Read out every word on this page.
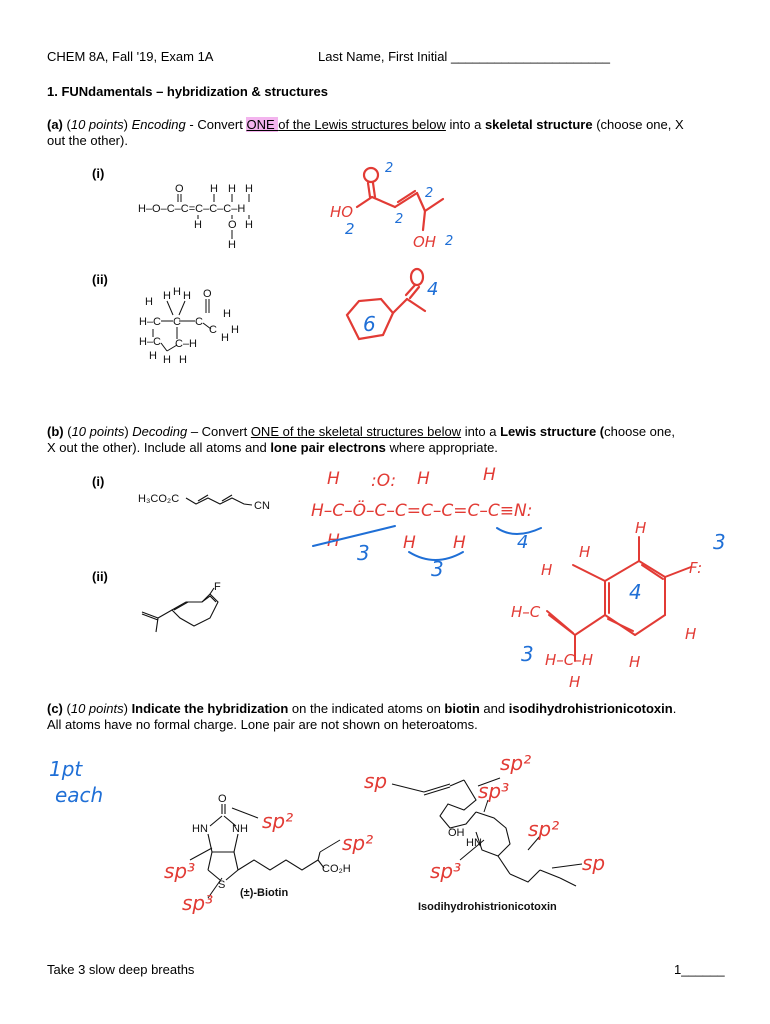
CHEM 8A, Fall '19, Exam 1A	Last Name, First Initial ______________________
1. FUNdamentals – hybridization & structures
(a) (10 points) Encoding - Convert ONE of the Lewis structures below into a skeletal structure (choose one, X
out the other).
(i)
(ii)
H–O–C–C=C–C–C–H
O H H H
H O H
H
HO
OH
2
2
2
2
2
H H H O
H
H–C C C
H
H
H–C C–H
C
H
H H H
6
4
(b) (10 points) Decoding – Convert ONE of the skeletal structures below into a Lewis structure (choose one,
X out the other). Include all atoms and lone pair electrons where appropriate.
(i)
(ii)
H₃CO₂C
CN
H
H–C–Ö–C–C=C–C=C–C≡N:
H
:O: H	H
H H
3
3
4
F
H
H
F:
H
H–C
H–C–H
H
H
H
4
3
3
(c) (10 points) Indicate the hybridization on the indicated atoms on biotin and isodihydrohistrionicotoxin.
All atoms have no formal charge. Lone pair are not shown on heteroatoms.
1pt
each	O
HN NH
S
CO₂H
(±)-Biotin
OH
HN
Isodihydrohistrionicotoxin
sp²
sp²
sp³
sp³
sp
sp²
sp³
sp²
sp³	sp
Take 3 slow deep breaths	1______
